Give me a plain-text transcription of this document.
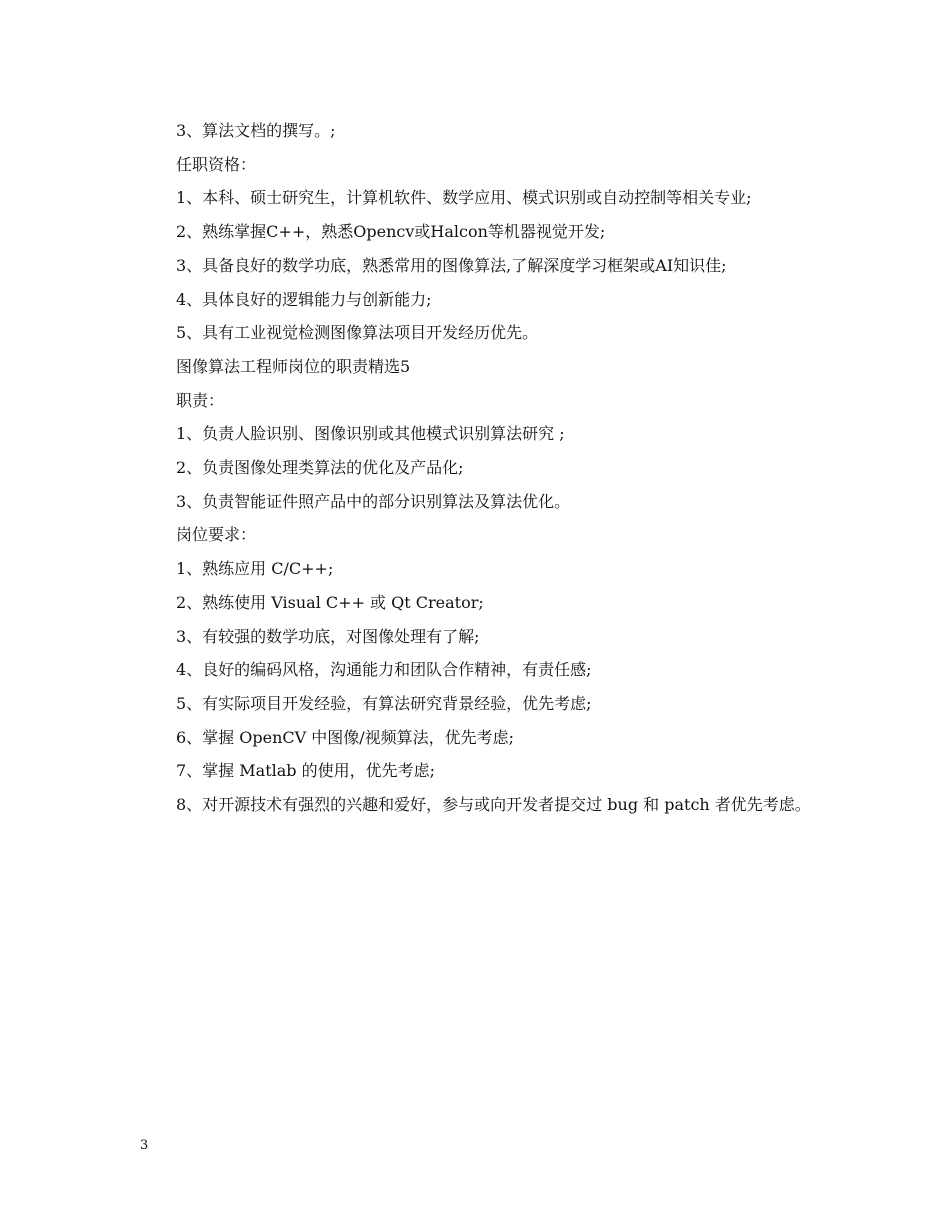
3、算法文档的撰写。;

任职资格：

1、本科、硕士研究生，计算机软件、数学应用、模式识别或自动控制等相关专业;

2、熟练掌握C++，熟悉Opencv或Halcon等机器视觉开发;

3、具备良好的数学功底，熟悉常用的图像算法,了解深度学习框架或AI知识佳;

4、具体良好的逻辑能力与创新能力;

5、具有工业视觉检测图像算法项目开发经历优先。

图像算法工程师岗位的职责精选5

职责：

1、负责人脸识别、图像识别或其他模式识别算法研究 ;

2、负责图像处理类算法的优化及产品化;

3、负责智能证件照产品中的部分识别算法及算法优化。

岗位要求：

1、熟练应用 C/C++;

2、熟练使用 Visual C++ 或 Qt Creator;

3、有较强的数学功底，对图像处理有了解;

4、良好的编码风格，沟通能力和团队合作精神，有责任感;

5、有实际项目开发经验，有算法研究背景经验，优先考虑;

6、掌握 OpenCV 中图像/视频算法，优先考虑;

7、掌握 Matlab 的使用，优先考虑;

8、对开源技术有强烈的兴趣和爱好，参与或向开发者提交过 bug 和 patch 者优先考虑。

3
